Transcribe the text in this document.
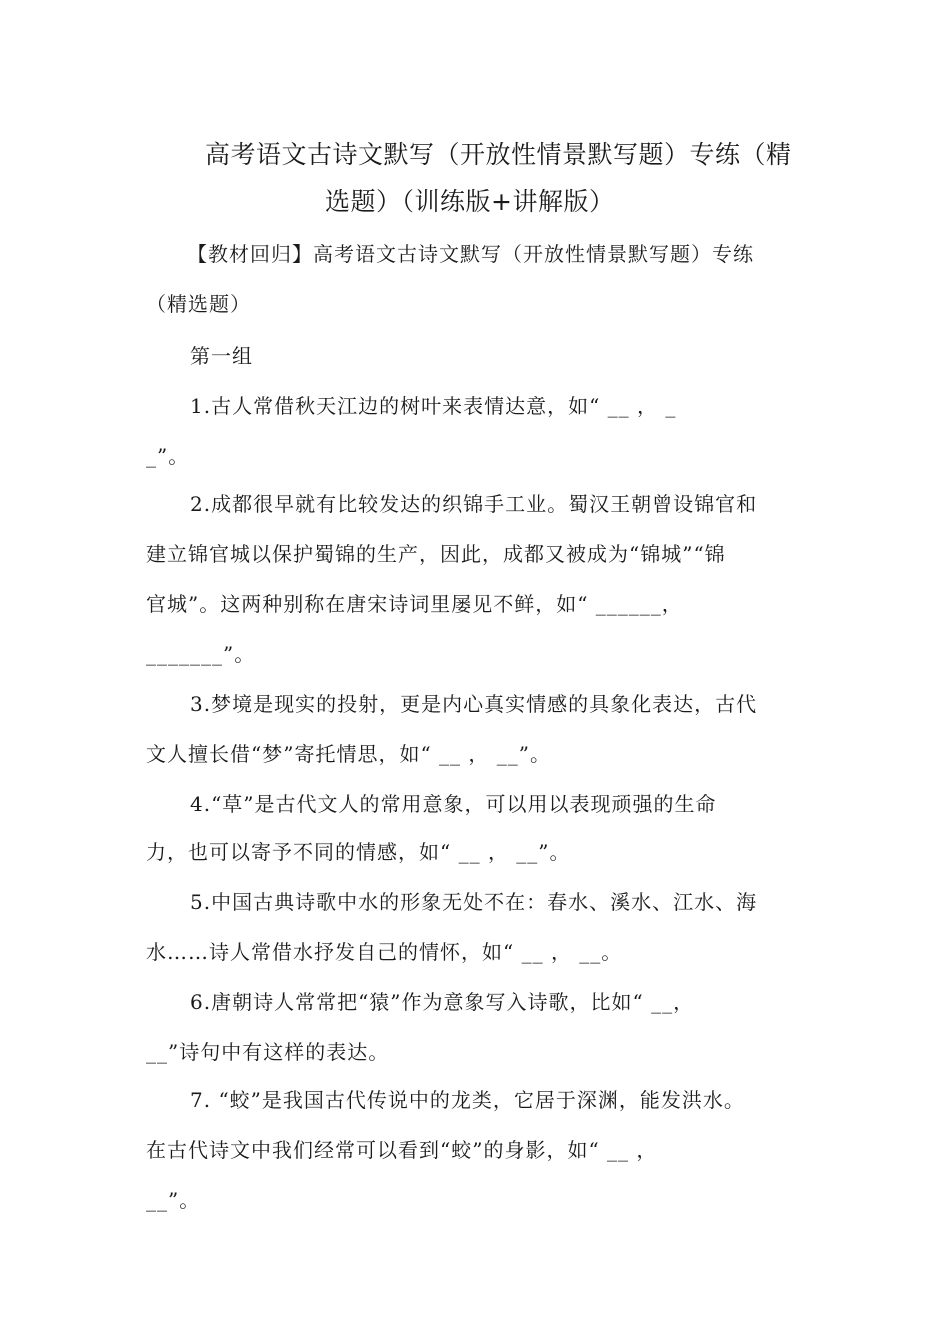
高考语文古诗文默写（开放性情景默写题）专练（精
选题）（训练版+讲解版）
【教材回归】高考语文古诗文默写（开放性情景默写题）专练
（精选题）
第一组
1.古人常借秋天江边的树叶来表情达意，如“ __ ， _
_”。
2.成都很早就有比较发达的织锦手工业。蜀汉王朝曾设锦官和
建立锦官城以保护蜀锦的生产，因此，成都又被成为“锦城”“锦
官城”。这两种别称在唐宋诗词里屡见不鲜，如“ ______，
_______”。
3.梦境是现实的投射，更是内心真实情感的具象化表达，古代
文人擅长借“梦”寄托情思，如“ __ ， __”。
4.“草”是古代文人的常用意象，可以用以表现顽强的生命
力，也可以寄予不同的情感，如“ __ ， __”。
5.中国古典诗歌中水的形象无处不在：春水、溪水、江水、海
水……诗人常借水抒发自己的情怀，如“ __ ， __。
6.唐朝诗人常常把“猿”作为意象写入诗歌，比如“ __，
__”诗句中有这样的表达。
7. “蛟”是我国古代传说中的龙类，它居于深渊，能发洪水。
在古代诗文中我们经常可以看到“蛟”的身影，如“ __ ，
__”。
